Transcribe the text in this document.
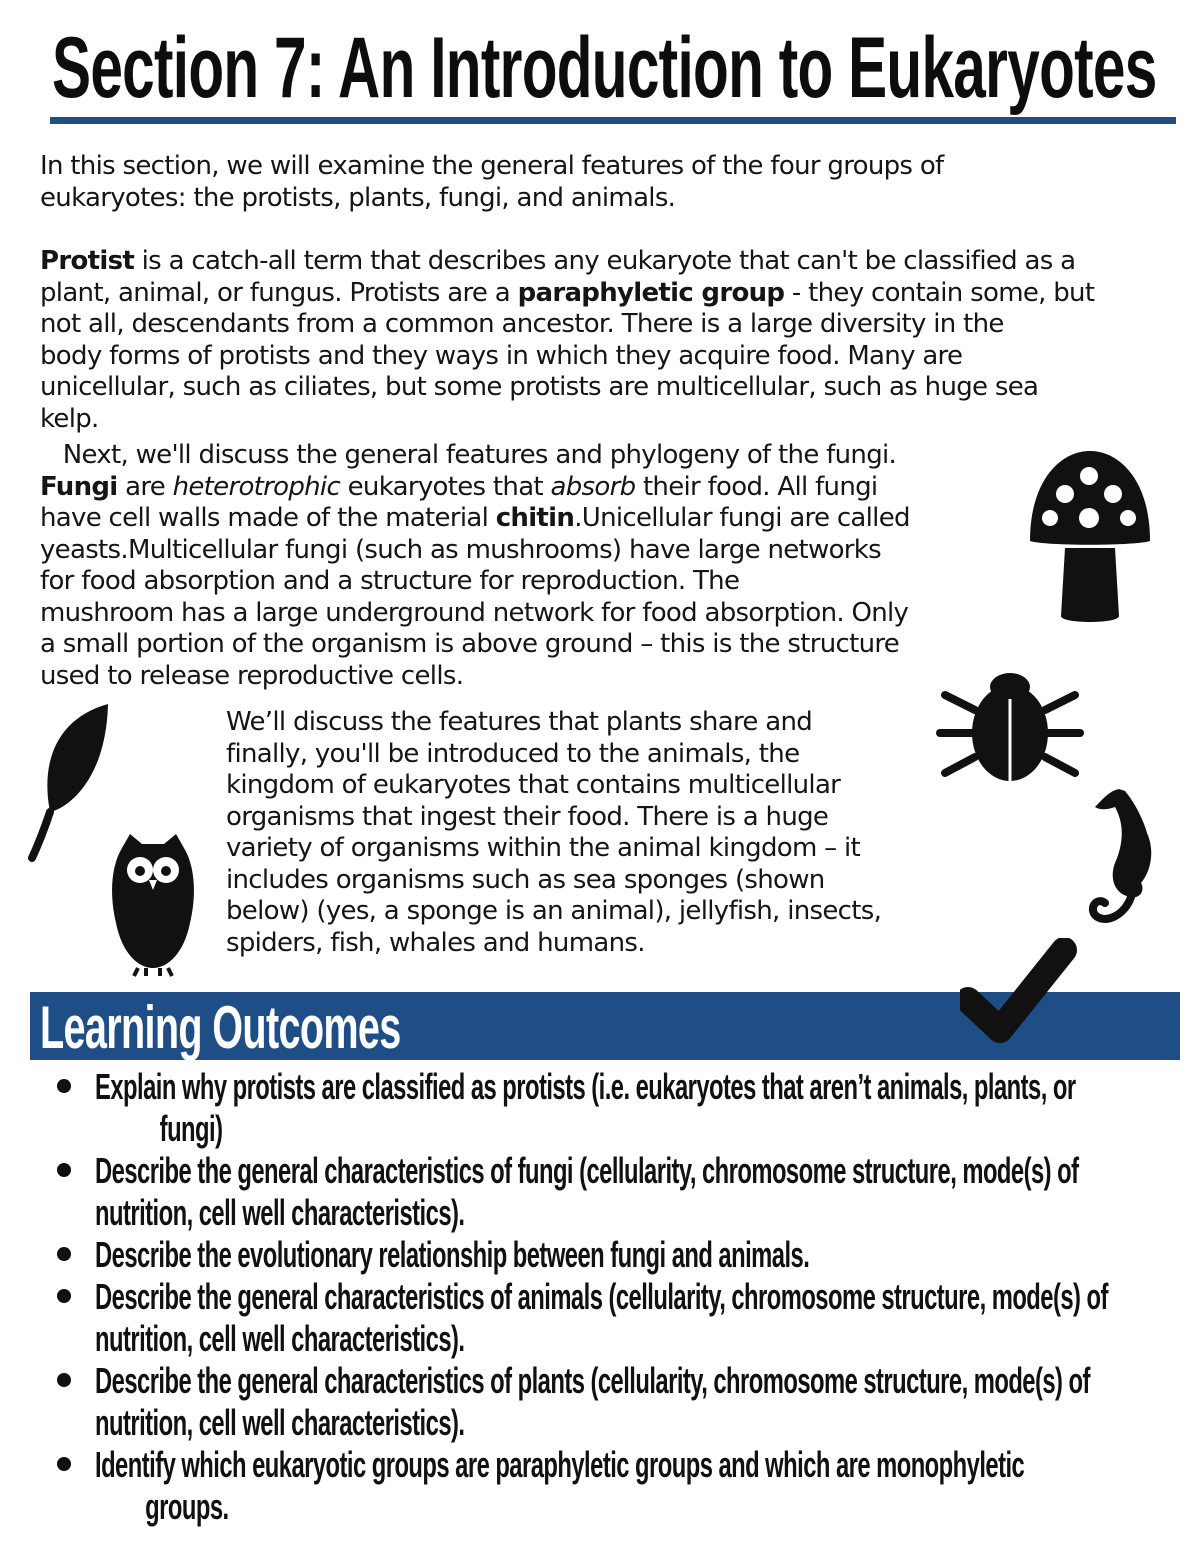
Section 7: An Introduction to Eukaryotes

In this section, we will examine the general features of the four groups of
eukaryotes: the protists, plants, fungi, and animals.

Protist is a catch-all term that describes any eukaryote that can't be classified as a
plant, animal, or fungus. Protists are a paraphyletic group - they contain some, but
not all, descendants from a common ancestor. There is a large diversity in the
body forms of protists and they ways in which they acquire food. Many are
unicellular, such as ciliates, but some protists are multicellular, such as huge sea
kelp.

Next, we'll discuss the general features and phylogeny of the fungi.
Fungi are heterotrophic eukaryotes that absorb their food. All fungi
have cell walls made of the material chitin.Unicellular fungi are called
yeasts.Multicellular fungi (such as mushrooms) have large networks
for food absorption and a structure for reproduction. The
mushroom has a large underground network for food absorption. Only
a small portion of the organism is above ground – this is the structure
used to release reproductive cells.

We’ll discuss the features that plants share and
finally, you'll be introduced to the animals, the
kingdom of eukaryotes that contains multicellular
organisms that ingest their food. There is a huge
variety of organisms within the animal kingdom – it
includes organisms such as sea sponges (shown
below) (yes, a sponge is an animal), jellyfish, insects,
spiders, fish, whales and humans.

Learning Outcomes
Explain why protists are classified as protists (i.e. eukaryotes that aren’t animals, plants, or
fungi)
Describe the general characteristics of fungi (cellularity, chromosome structure, mode(s) of
nutrition, cell well characteristics).
Describe the evolutionary relationship between fungi and animals.
Describe the general characteristics of animals (cellularity, chromosome structure, mode(s) of
nutrition, cell well characteristics).
Describe the general characteristics of plants (cellularity, chromosome structure, mode(s) of
nutrition, cell well characteristics).
Identify which eukaryotic groups are paraphyletic groups and which are monophyletic
groups.
